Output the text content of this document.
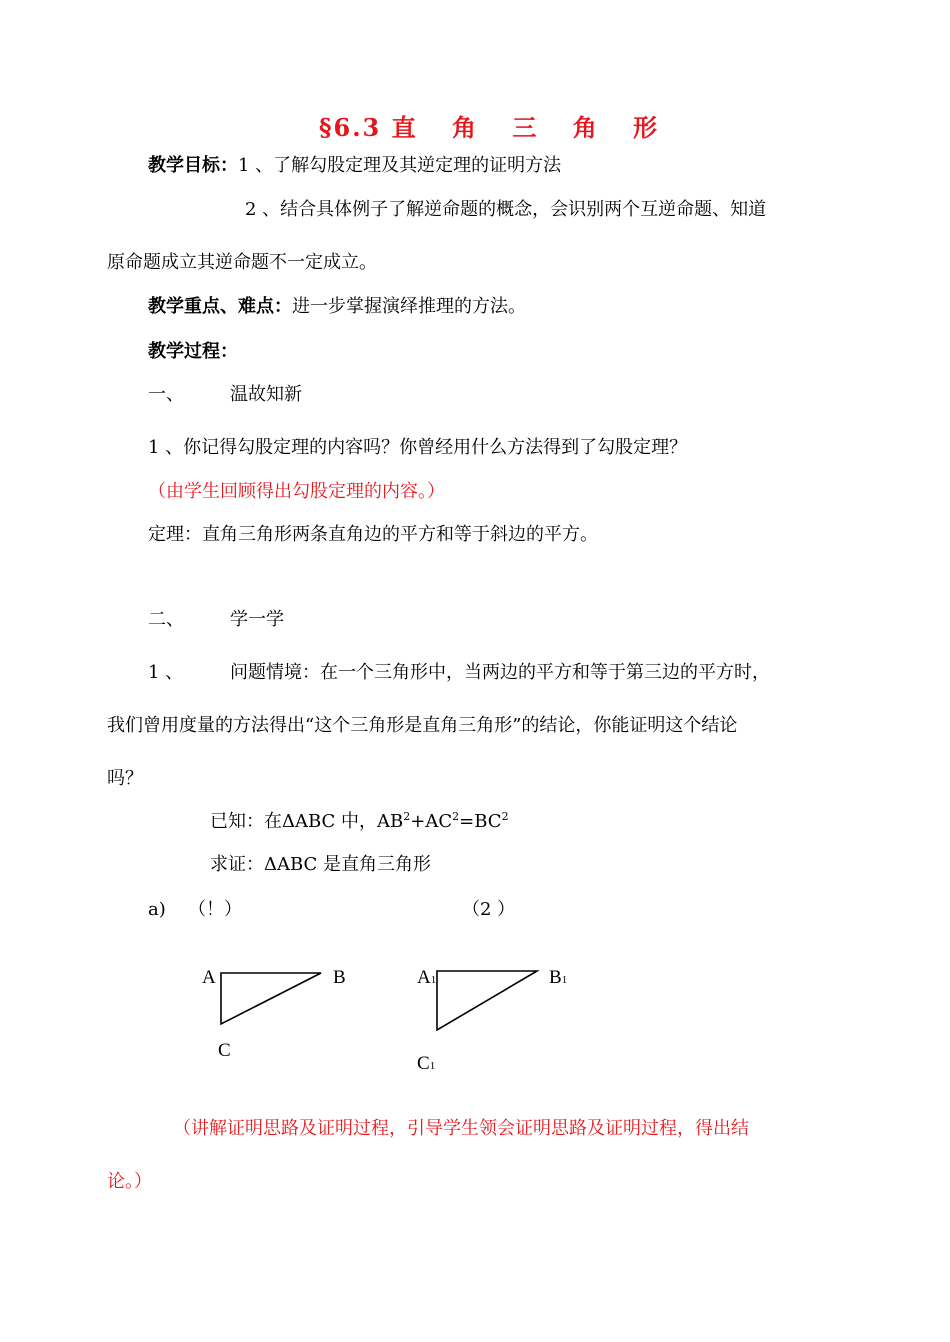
§6.3 直 角 三 角 形
教学目标：1 、了解勾股定理及其逆定理的证明方法
2 、结合具体例子了解逆命题的概念，会识别两个互逆命题、知道
原命题成立其逆命题不一定成立。
教学重点、难点：进一步掌握演绎推理的方法。
教学过程：
一、	温故知新
1 、你记得勾股定理的内容吗？你曾经用什么方法得到了勾股定理？
（由学生回顾得出勾股定理的内容。）
定理：直角三角形两条直角边的平方和等于斜边的平方。
二、	学一学
1 、	问题情境：在一个三角形中，当两边的平方和等于第三边的平方时，
我们曾用度量的方法得出“这个三角形是直角三角形”的结论，你能证明这个结论
吗？
已知：在ΔABC 中，$AB^2+AC^2=BC^2$
求证：ΔABC 是直角三角形
a) （！）	（2 ）
A	B
C
A1	B1
C1
（讲解证明思路及证明过程，引导学生领会证明思路及证明过程，得出结
论。）
